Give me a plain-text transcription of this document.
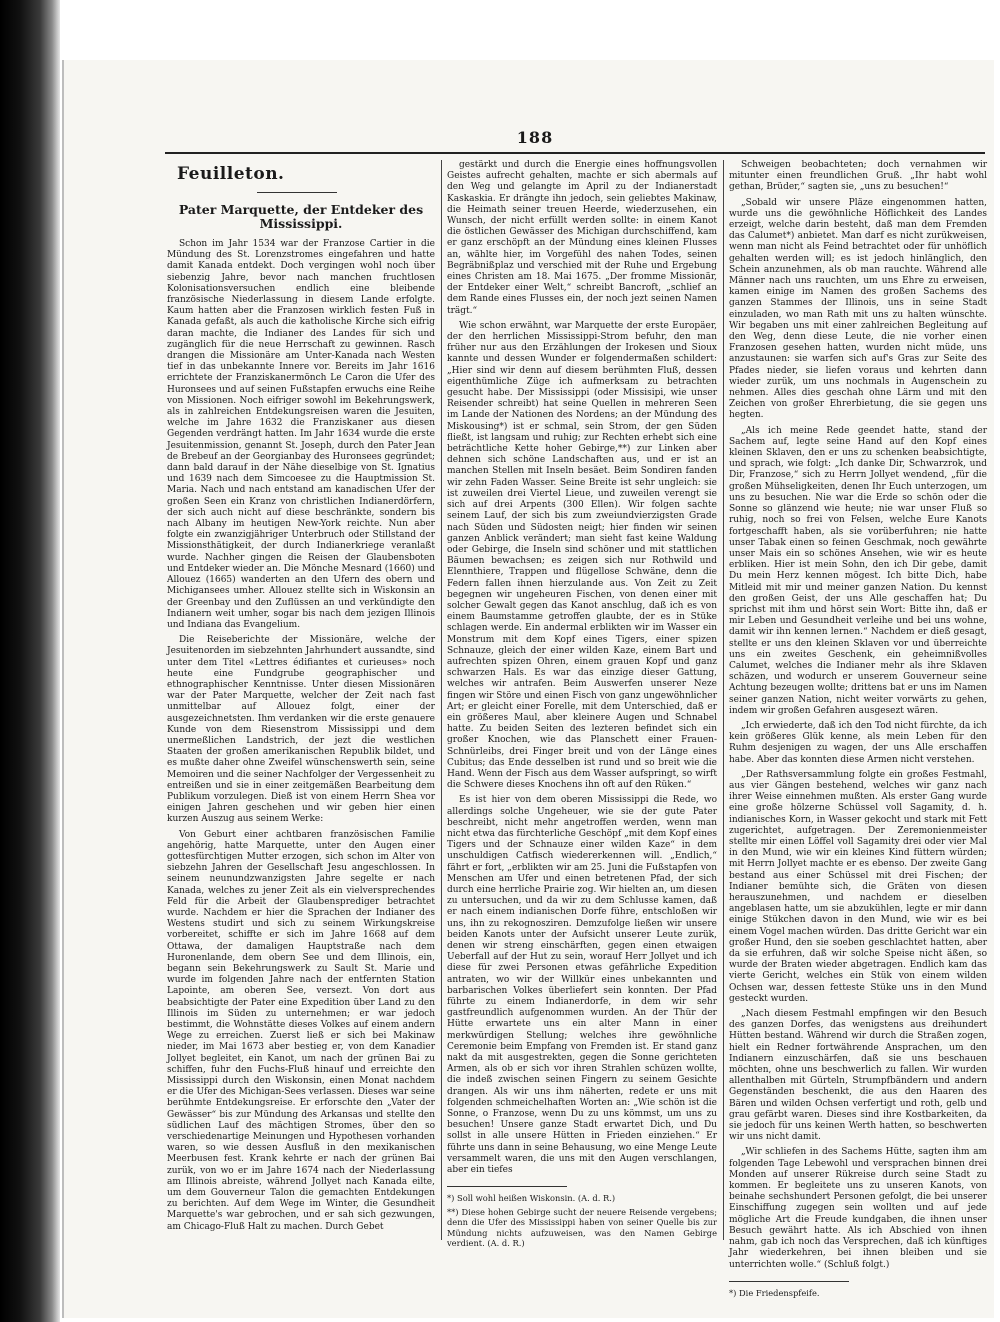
188
Feuilleton.
Pater Marquette, der Entdeker des
Mississippi.

Schon im Jahr 1534 war der Franzose Cartier in die Mündung des St. Lorenzstromes eingefahren und hatte damit Kanada entdekt. Doch vergingen wohl noch über siebenzig Jahre, bevor nach manchen fruchtlosen Kolonisationsversuchen endlich eine bleibende französische Niederlassung in diesem Lande erfolgte. Kaum hatten aber die Franzosen wirklich festen Fuß in Kanada gefaßt, als auch die katholische Kirche sich eifrig daran machte, die Indianer des Landes für sich und zugänglich für die neue Herrschaft zu gewinnen. Rasch drangen die Missionäre am Unter-Kanada nach Westen tief in das unbekannte Innere vor. Bereits im Jahr 1616 errichtete der Franziskanermönch Le Caron die Ufer des Huronsees und auf seinen Fußstapfen erwuchs eine Reihe von Missionen. Noch eifriger sowohl im Bekehrungswerk, als in zahlreichen Entdekungsreisen waren die Jesuiten, welche im Jahre 1632 die Franziskaner aus diesen Gegenden verdrängt hatten. Im Jahr 1634 wurde die erste Jesuitenmission, genannt St. Joseph, durch den Pater Jean de Brebeuf an der Georgianbay des Huronsees gegründet; dann bald darauf in der Nähe dieselbige von St. Ignatius und 1639 nach dem Simcoesee zu die Hauptmission St. Maria. Nach und nach entstand am kanadischen Ufer der großen Seen ein Kranz von christlichen Indianerdörfern, der sich auch nicht auf diese beschränkte, sondern bis nach Albany im heutigen New-York reichte. Nun aber folgte ein zwanzigjähriger Unterbruch oder Stillstand der Missionsthätigkeit, der durch Indianerkriege veranlaßt wurde. Nachher gingen die Reisen der Glaubensboten und Entdeker wieder an. Die Mönche Mesnard (1660) und Allouez (1665) wanderten an den Ufern des obern und Michigansees umher. Allouez stellte sich in Wiskonsin an der Greenbay und den Zuflüssen an und verkündigte den Indianern weit umher, sogar bis nach dem jezigen Illinois und Indiana das Evangelium.

Die Reiseberichte der Missionäre, welche der Jesuitenorden im siebzehnten Jahrhundert aussandte, sind unter dem Titel «Lettres édifiantes et curieuses» noch heute eine Fundgrube geographischer und ethnographischer Kenntnisse. Unter diesen Missionären war der Pater Marquette, welcher der Zeit nach fast unmittelbar auf Allouez folgt, einer der ausgezeichnetsten. Ihm verdanken wir die erste genauere Kunde von dem Riesenstrom Mississippi und dem unermeßlichen Landstrich, der jezt die westlichen Staaten der großen amerikanischen Republik bildet, und es mußte daher ohne Zweifel wünschenswerth sein, seine Memoiren und die seiner Nachfolger der Vergessenheit zu entreißen und sie in einer zeitgemäßen Bearbeitung dem Publikum vorzulegen. Dieß ist von einem Herrn Shea vor einigen Jahren geschehen und wir geben hier einen kurzen Auszug aus seinem Werke:

Von Geburt einer achtbaren französischen Familie angehörig, hatte Marquette, unter den Augen einer gottesfürchtigen Mutter erzogen, sich schon im Alter von siebzehn Jahren der Gesellschaft Jesu angeschlossen. In seinem neunundzwanzigsten Jahre segelte er nach Kanada, welches zu jener Zeit als ein vielversprechendes Feld für die Arbeit der Glaubensprediger betrachtet wurde. Nachdem er hier die Sprachen der Indianer des Westens studirt und sich zu seinem Wirkungskreise vorbereitet, schiffte er sich im Jahre 1668 auf dem Ottawa, der damaligen Hauptstraße nach dem Huronenlande, dem obern See und dem Illinois, ein, begann sein Bekehrungswerk zu Sault St. Marie und wurde im folgenden Jahre nach der entfernten Station Lapointe, am oberen See, versezt. Von dort aus beabsichtigte der Pater eine Expedition über Land zu den Illinois im Süden zu unternehmen; er war jedoch bestimmt, die Wohnstätte dieses Volkes auf einem andern Wege zu erreichen. Zuerst ließ er sich bei Makinaw nieder, im Mai 1673 aber bestieg er, von dem Kanadier Jollyet begleitet, ein Kanot, um nach der grünen Bai zu schiffen, fuhr den Fuchs-Fluß hinauf und erreichte den Mississippi durch den Wiskonsin, einen Monat nachdem er die Ufer des Michigan-Sees verlassen. Dieses war seine berühmte Entdekungsreise. Er erforschte den „Vater der Gewässer“ bis zur Mündung des Arkansas und stellte den südlichen Lauf des mächtigen Stromes, über den so verschiedenartige Meinungen und Hypothesen vorhanden waren, so wie dessen Ausfluß in den mexikanischen Meerbusen fest. Krank kehrte er nach der grünen Bai zurük, von wo er im Jahre 1674 nach der Niederlassung am Illinois abreiste, während Jollyet nach Kanada eilte, um dem Gouverneur Talon die gemachten Entdekungen zu berichten. Auf dem Wege im Winter, die Gesundheit Marquette's war gebrochen, und er sah sich gezwungen, am Chicago-Fluß Halt zu machen. Durch Gebet

gestärkt und durch die Energie eines hoffnungsvollen Geistes aufrecht gehalten, machte er sich abermals auf den Weg und gelangte im April zu der Indianerstadt Kaskaskia. Er drängte ihn jedoch, sein geliebtes Makinaw, die Heimath seiner treuen Heerde, wiederzusehen, ein Wunsch, der nicht erfüllt werden sollte: in einem Kanot die östlichen Gewässer des Michigan durchschiffend, kam er ganz erschöpft an der Mündung eines kleinen Flusses an, wählte hier, im Vorgefühl des nahen Todes, seinen Begräbnißplaz und verschied mit der Ruhe und Ergebung eines Christen am 18. Mai 1675. „Der fromme Missionär, der Entdeker einer Welt,“ schreibt Bancroft, „schlief an dem Rande eines Flusses ein, der noch jezt seinen Namen trägt.“

Wie schon erwähnt, war Marquette der erste Europäer, der den herrlichen Mississippi-Strom befuhr, den man früher nur aus den Erzählungen der Irokesen und Sioux kannte und dessen Wunder er folgendermaßen schildert: „Hier sind wir denn auf diesem berühmten Fluß, dessen eigenthümliche Züge ich aufmerksam zu betrachten gesucht habe. Der Mississippi (oder Missisipi, wie unser Reisender schreibt) hat seine Quellen in mehreren Seen im Lande der Nationen des Nordens; an der Mündung des Miskousing*) ist er schmal, sein Strom, der gen Süden fließt, ist langsam und ruhig; zur Rechten erhebt sich eine beträchtliche Kette hoher Gebirge,**) zur Linken aber dehnen sich schöne Landschaften aus, und er ist an manchen Stellen mit Inseln besäet. Beim Sondiren fanden wir zehn Faden Wasser. Seine Breite ist sehr ungleich: sie ist zuweilen drei Viertel Lieue, und zuweilen verengt sie sich auf drei Arpents (300 Ellen). Wir folgen sachte seinem Lauf, der sich bis zum zweiundvierzigsten Grade nach Süden und Südosten neigt; hier finden wir seinen ganzen Anblick verändert; man sieht fast keine Waldung oder Gebirge, die Inseln sind schöner und mit stattlichen Bäumen bewachsen; es zeigen sich nur Rothwild und Elennthiere, Trappen und flügellose Schwäne, denn die Federn fallen ihnen hierzulande aus. Von Zeit zu Zeit begegnen wir ungeheuren Fischen, von denen einer mit solcher Gewalt gegen das Kanot anschlug, daß ich es von einem Baumstamme getroffen glaubte, der es in Stüke schlagen werde. Ein andermal erblikten wir im Wasser ein Monstrum mit dem Kopf eines Tigers, einer spizen Schnauze, gleich der einer wilden Kaze, einem Bart und aufrechten spizen Ohren, einem grauen Kopf und ganz schwarzen Hals. Es war das einzige dieser Gattung, welches wir antrafen. Beim Auswerfen unserer Neze fingen wir Störe und einen Fisch von ganz ungewöhnlicher Art; er gleicht einer Forelle, mit dem Unterschied, daß er ein größeres Maul, aber kleinere Augen und Schnabel hatte. Zu beiden Seiten des lezteren befindet sich ein großer Knochen, wie das Planschett einer Frauen-Schnürleibs, drei Finger breit und von der Länge eines Cubitus; das Ende desselben ist rund und so breit wie die Hand. Wenn der Fisch aus dem Wasser aufspringt, so wirft die Schwere dieses Knochens ihn oft auf den Rüken.“

Es ist hier von dem oberen Mississippi die Rede, wo allerdings solche Ungeheuer, wie sie der gute Pater beschreibt, nicht mehr angetroffen werden, wenn man nicht etwa das fürchterliche Geschöpf „mit dem Kopf eines Tigers und der Schnauze einer wilden Kaze“ in dem unschuldigen Catfisch wiedererkennen will. „Endlich,“ fährt er fort, „erblikten wir am 25. Juni die Fußstapfen von Menschen am Ufer und einen betretenen Pfad, der sich durch eine herrliche Prairie zog. Wir hielten an, um diesen zu untersuchen, und da wir zu dem Schlusse kamen, daß er nach einem indianischen Dorfe führe, entschloßen wir uns, ihn zu rekognosziren. Demzufolge ließen wir unsere beiden Kanots unter der Aufsicht unserer Leute zurük, denen wir streng einschärften, gegen einen etwaigen Ueberfall auf der Hut zu sein, worauf Herr Jollyet und ich diese für zwei Personen etwas gefährliche Expedition antraten, wo wir der Willkür eines unbekannten und barbarischen Volkes überliefert sein konnten. Der Pfad führte zu einem Indianerdorfe, in dem wir sehr gastfreundlich aufgenommen wurden. An der Thür der Hütte erwartete uns ein alter Mann in einer merkwürdigen Stellung; welches ihre gewöhnliche Ceremonie beim Empfang von Fremden ist. Er stand ganz nakt da mit ausgestrekten, gegen die Sonne gerichteten Armen, als ob er sich vor ihren Strahlen schüzen wollte, die indeß zwischen seinen Fingern zu seinem Gesichte drangen. Als wir uns ihm näherten, redete er uns mit folgenden schmeichelhaften Worten an: „Wie schön ist die Sonne, o Franzose, wenn Du zu uns kömmst, um uns zu besuchen! Unsere ganze Stadt erwartet Dich, und Du sollst in alle unsere Hütten in Frieden einziehen.“ Er führte uns dann in seine Behausung, wo eine Menge Leute versammelt waren, die uns mit den Augen verschlangen, aber ein tiefes

*) Soll wohl heißen Wiskonsin. (A. d. R.)

**) Diese hohen Gebirge sucht der neuere Reisende vergebens; denn die Ufer des Mississippi haben von seiner Quelle bis zur Mündung nichts aufzuweisen, was den Namen Gebirge verdient. (A. d. R.)

Schweigen beobachteten; doch vernahmen wir mitunter einen freundlichen Gruß. „Ihr habt wohl gethan, Brüder,“ sagten sie, „uns zu besuchen!“

„Sobald wir unsere Pläze eingenommen hatten, wurde uns die gewöhnliche Höflichkeit des Landes erzeigt, welche darin besteht, daß man dem Fremden das Calumet*) anbietet. Man darf es nicht zurükweisen, wenn man nicht als Feind betrachtet oder für unhöflich gehalten werden will; es ist jedoch hinlänglich, den Schein anzunehmen, als ob man rauchte. Während alle Männer nach uns rauchten, um uns Ehre zu erweisen, kamen einige im Namen des großen Sachems des ganzen Stammes der Illinois, uns in seine Stadt einzuladen, wo man Rath mit uns zu halten wünschte. Wir begaben uns mit einer zahlreichen Begleitung auf den Weg, denn diese Leute, die nie vorher einen Franzosen gesehen hatten, wurden nicht müde, uns anzustaunen: sie warfen sich auf's Gras zur Seite des Pfades nieder, sie liefen voraus und kehrten dann wieder zurük, um uns nochmals in Augenschein zu nehmen. Alles dies geschah ohne Lärm und mit den Zeichen von großer Ehrerbietung, die sie gegen uns hegten.

„Als ich meine Rede geendet hatte, stand der Sachem auf, legte seine Hand auf den Kopf eines kleinen Sklaven, den er uns zu schenken beabsichtigte, und sprach, wie folgt: „Ich danke Dir, Schwarzrok, und Dir, Franzose,“ sich zu Herrn Jollyet wendend, „für die großen Mühseligkeiten, denen Ihr Euch unterzogen, um uns zu besuchen. Nie war die Erde so schön oder die Sonne so glänzend wie heute; nie war unser Fluß so ruhig, noch so frei von Felsen, welche Eure Kanots fortgeschafft haben, als sie vorüberfuhren; nie hatte unser Tabak einen so feinen Geschmak, noch gewährte unser Mais ein so schönes Ansehen, wie wir es heute erbliken. Hier ist mein Sohn, den ich Dir gebe, damit Du mein Herz kennen mögest. Ich bitte Dich, habe Mitleid mit mir und meiner ganzen Nation. Du kennst den großen Geist, der uns Alle geschaffen hat; Du sprichst mit ihm und hörst sein Wort: Bitte ihn, daß er mir Leben und Gesundheit verleihe und bei uns wohne, damit wir ihn kennen lernen.“ Nachdem er dieß gesagt, stellte er uns den kleinen Sklaven vor und überreichte uns ein zweites Geschenk, ein geheimnißvolles Calumet, welches die Indianer mehr als ihre Sklaven schäzen, und wodurch er unserem Gouverneur seine Achtung bezeugen wollte; drittens bat er uns im Namen seiner ganzen Nation, nicht weiter vorwärts zu gehen, indem wir großen Gefahren ausgesezt wären.

„Ich erwiederte, daß ich den Tod nicht fürchte, da ich kein größeres Glük kenne, als mein Leben für den Ruhm desjenigen zu wagen, der uns Alle erschaffen habe. Aber das konnten diese Armen nicht verstehen.

„Der Rathsversammlung folgte ein großes Festmahl, aus vier Gängen bestehend, welches wir ganz nach ihrer Weise einnehmen mußten. Als erster Gang wurde eine große hölzerne Schüssel voll Sagamity, d. h. indianisches Korn, in Wasser gekocht und stark mit Fett zugerichtet, aufgetragen. Der Zeremonienmeister stellte mir einen Löffel voll Sagamity drei oder vier Mal in den Mund, wie wir ein kleines Kind füttern würden; mit Herrn Jollyet machte er es ebenso. Der zweite Gang bestand aus einer Schüssel mit drei Fischen; der Indianer bemühte sich, die Gräten von diesen herauszunehmen, und nachdem er dieselben angeblasen hatte, um sie abzukühlen, legte er mir dann einige Stükchen davon in den Mund, wie wir es bei einem Vogel machen würden. Das dritte Gericht war ein großer Hund, den sie soeben geschlachtet hatten, aber da sie erfuhren, daß wir solche Speise nicht äßen, so wurde der Braten wieder abgetragen. Endlich kam das vierte Gericht, welches ein Stük von einem wilden Ochsen war, dessen fetteste Stüke uns in den Mund gesteckt wurden.

„Nach diesem Festmahl empfingen wir den Besuch des ganzen Dorfes, das wenigstens aus dreihundert Hütten bestand. Während wir durch die Straßen zogen, hielt ein Redner fortwährende Ansprachen, um den Indianern einzuschärfen, daß sie uns beschauen möchten, ohne uns beschwerlich zu fallen. Wir wurden allenthalben mit Gürteln, Strumpfbändern und andern Gegenständen beschenkt, die aus den Haaren des Bären und wilden Ochsen verfertigt und roth, gelb und grau gefärbt waren. Dieses sind ihre Kostbarkeiten, da sie jedoch für uns keinen Werth hatten, so beschwerten wir uns nicht damit.

„Wir schliefen in des Sachems Hütte, sagten ihm am folgenden Tage Lebewohl und versprachen binnen drei Monden auf unserer Rükreise durch seine Stadt zu kommen. Er begleitete uns zu unseren Kanots, von beinahe sechshundert Personen gefolgt, die bei unserer Einschiffung zugegen sein wollten und auf jede mögliche Art die Freude kundgaben, die ihnen unser Besuch gewährt hatte. Als ich Abschied von ihnen nahm, gab ich noch das Versprechen, daß ich künftiges Jahr wiederkehren, bei ihnen bleiben und sie unterrichten wolle.“ (Schluß folgt.)

*) Die Friedenspfeife.
